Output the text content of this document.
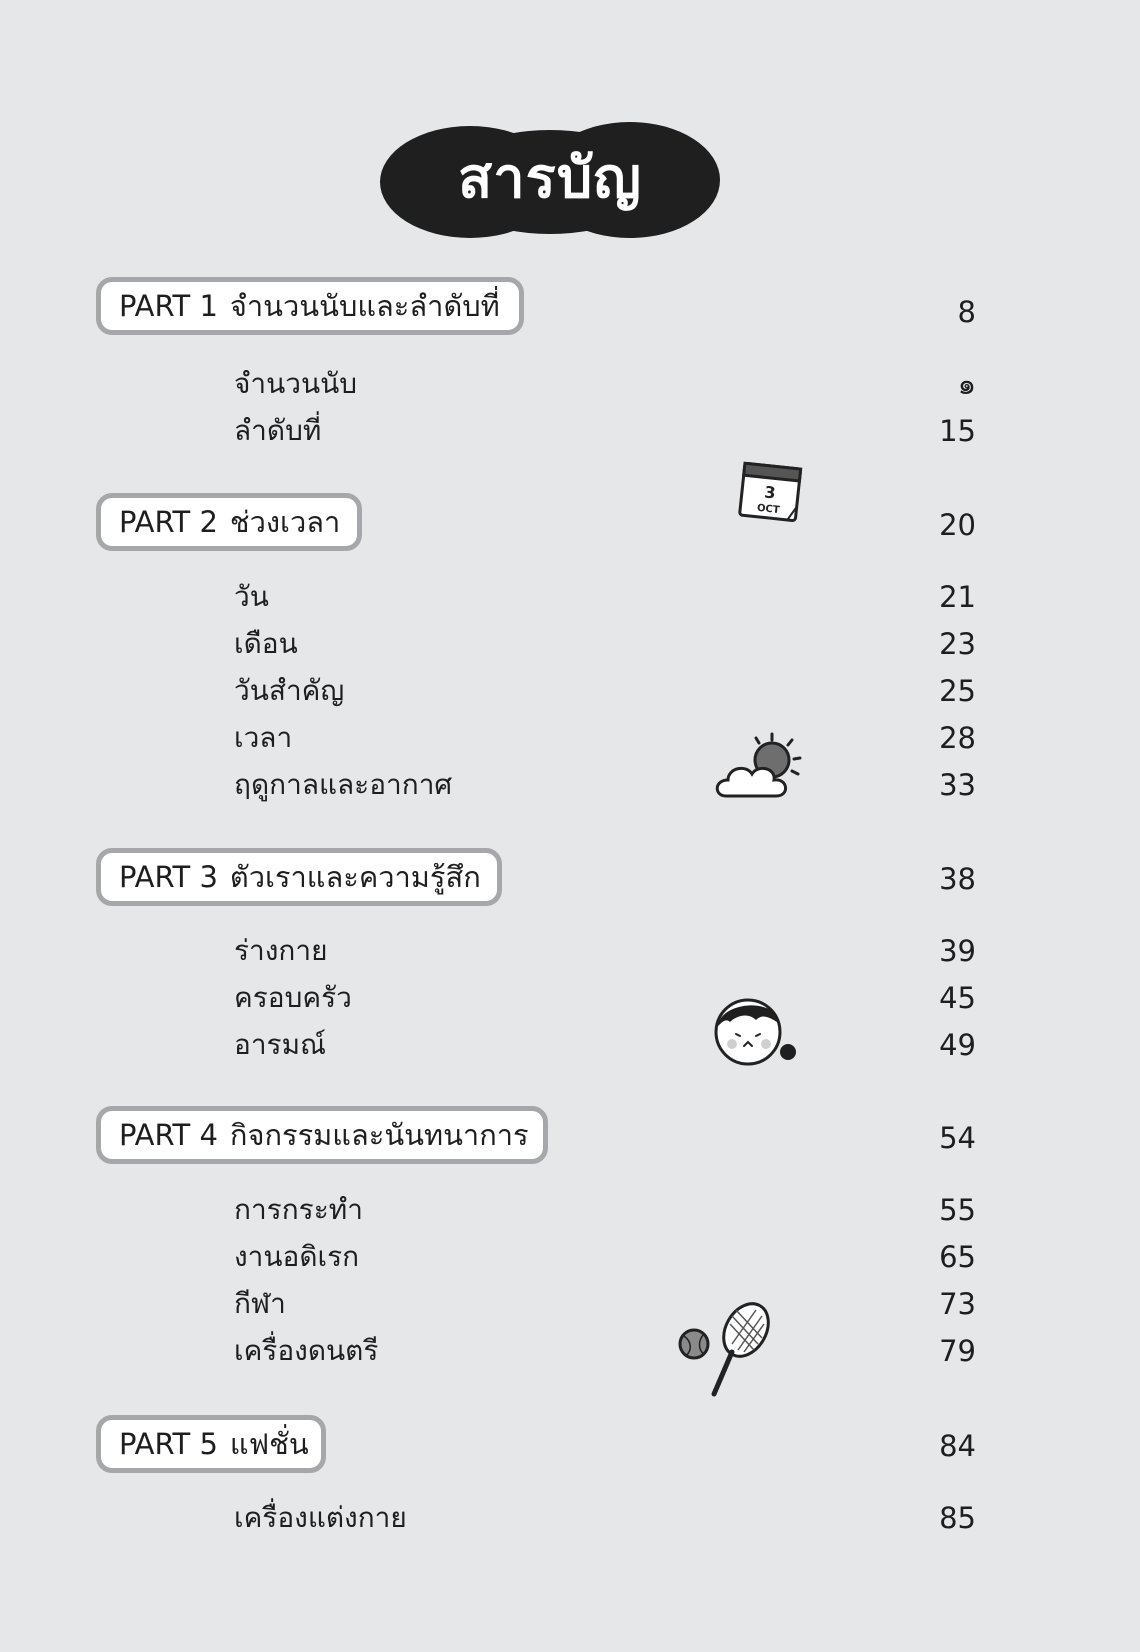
สารบัญ
PART 1 จำนวนนับและลำดับที่	8
จำนวนนับ	๑
ลำดับที่	15
3
OCT
PART 2 ช่วงเวลา	20
วัน	21
เดือน	23
วันสำคัญ	25
เวลา	28
ฤดูกาลและอากาศ	33
PART 3 ตัวเราและความรู้สึก	38
ร่างกาย	39
ครอบครัว	45
อารมณ์	49
PART 4 กิจกรรมและนันทนาการ	54
การกระทำ	55
งานอดิเรก	65
กีฬา	73
เครื่องดนตรี	79
PART 5 แฟชั่น	84
เครื่องแต่งกาย	85
